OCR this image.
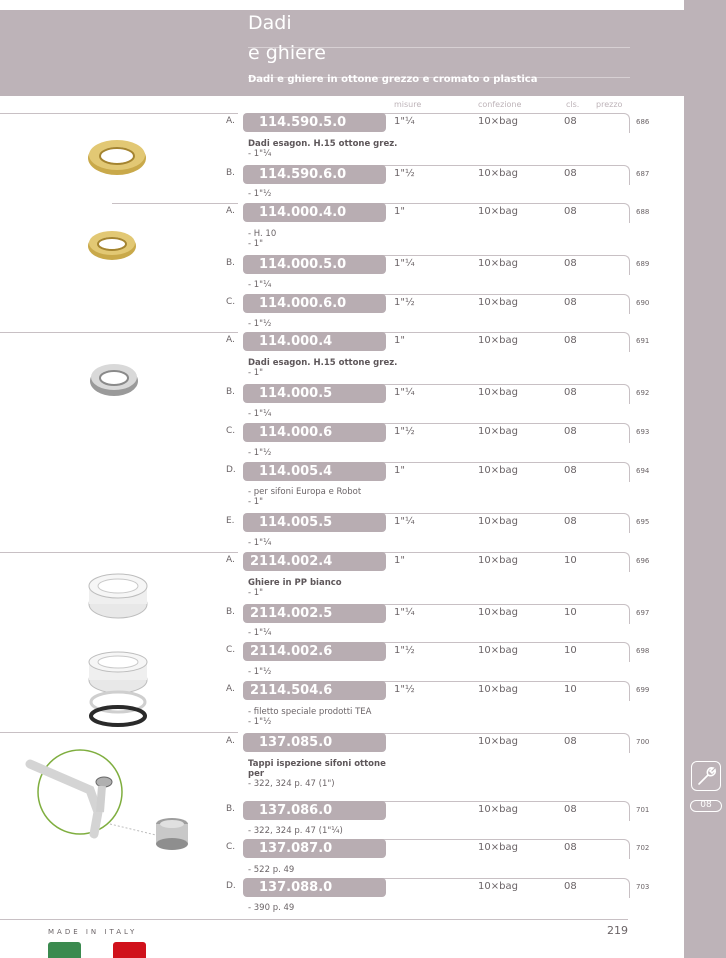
Dadi
e ghiere
Dadi e ghiere in ottone grezzo e cromato o plastica
08
misure	confezione	cls. prezzo
A.	114.590.5.0	1"¼	10×bag	08	686
B.	114.590.6.0	1"½	10×bag	08	687
A.	114.000.4.0	1"	10×bag	08	688
B.	114.000.5.0	1"¼	10×bag	08	689
C.	114.000.6.0	1"½	10×bag	08	690
A.	114.000.4	1"	10×bag	08	691
B.	114.000.5	1"¼	10×bag	08	692
C.	114.000.6	1"½	10×bag	08	693
D.	114.005.4	1"	10×bag	08	694
E.	114.005.5	1"¼	10×bag	08	695
A.	2114.002.4	1"	10×bag	10	696
B.	2114.002.5	1"¼	10×bag	10	697
C.	2114.002.6	1"½	10×bag	10	698
A.	2114.504.6	1"½	10×bag	10	699
A.	137.085.0	10×bag	08	700
B.	137.086.0	10×bag	08	701
C.	137.087.0	10×bag	08	702
D.	137.088.0	10×bag	08	703
Dadi esagon. H.15 ottone grez.
- 1"¼
- 1"½
- H. 10
- 1"
- 1"¼
- 1"½
Dadi esagon. H.15 ottone grez.
- 1"
- 1"¼
- 1"½
- per sifoni Europa e Robot
- 1"
- 1"¼
Ghiere in PP bianco
- 1"
- 1"¼
- 1"½
- filetto speciale prodotti TEA
- 1"½
Tappi ispezione sifoni ottone per
- 322, 324 p. 47 (1")
- 322, 324 p. 47 (1"¼)
- 522 p. 49
- 390 p. 49
MADE IN ITALY	219
